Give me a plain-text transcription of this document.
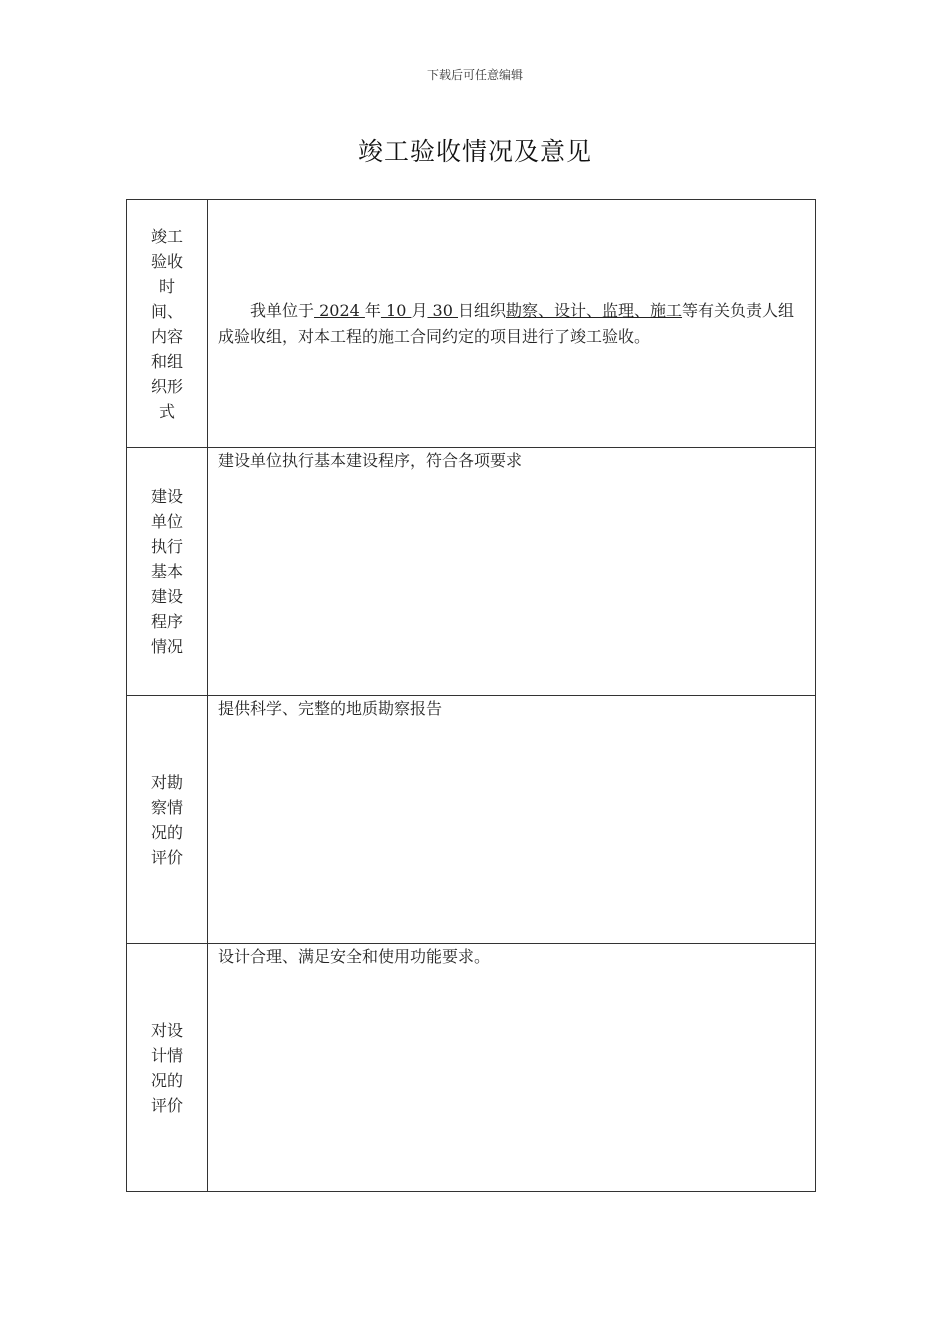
下载后可任意编辑
竣工验收情况及意见
竣工验收时间、内容和组织形式	我单位于 2024 年 10 月 30 日组织勘察、设计、监理、施工等有关负责人组成验收组，对本工程的施工合同约定的项目进行了竣工验收。

建设单位执行基本建设程序情况	建设单位执行基本建设程序，符合各项要求

对勘察情况的评价	提供科学、完整的地质勘察报告

对设计情况的评价	设计合理、满足安全和使用功能要求。
